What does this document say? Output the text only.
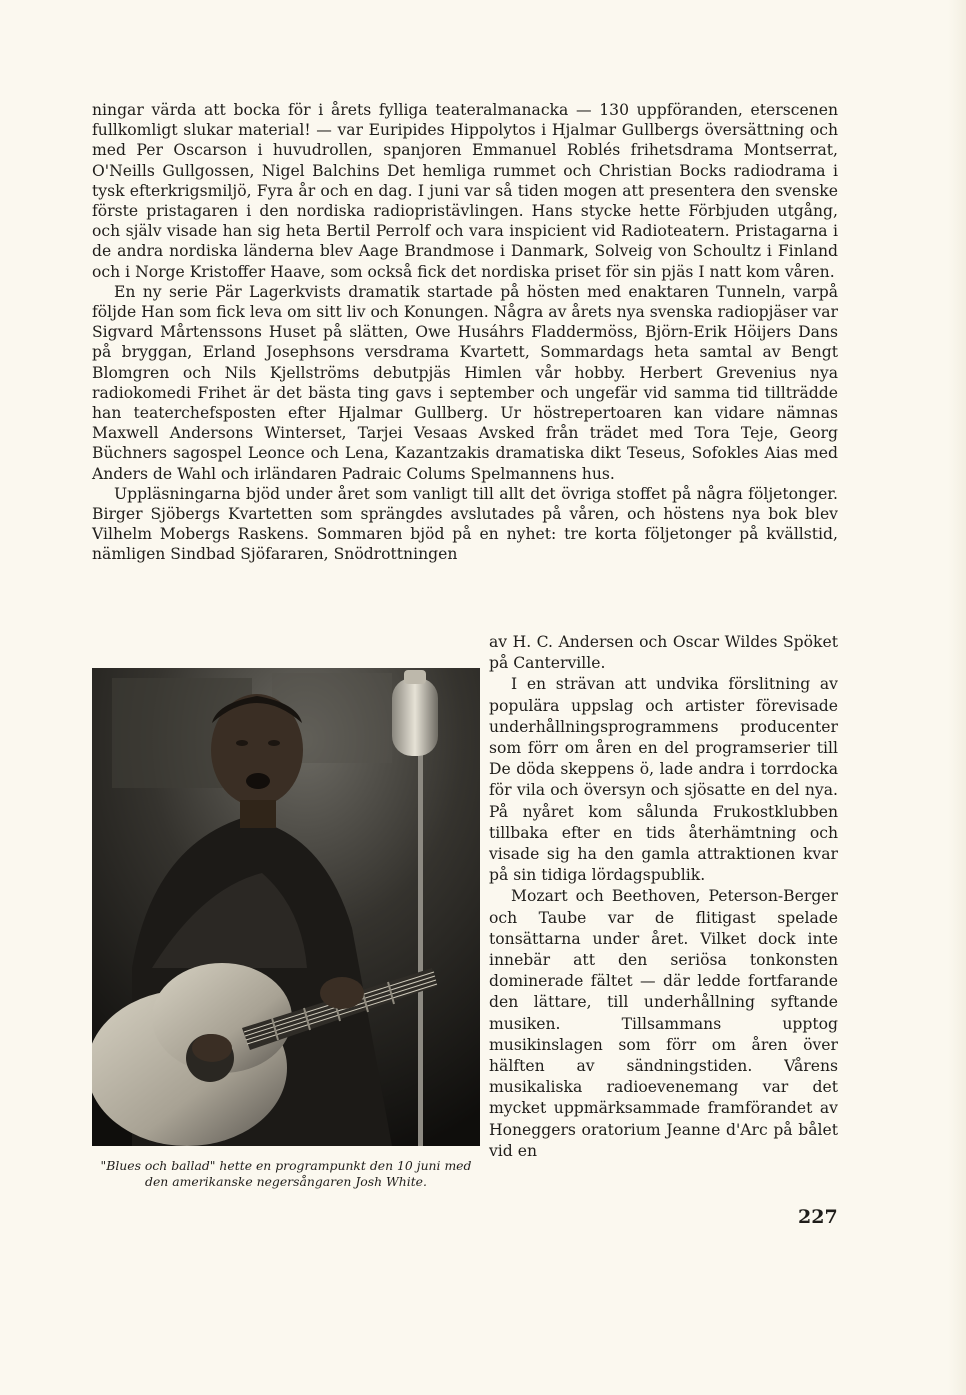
ningar värda att bocka för i årets fylliga teateralmanacka — 130 uppföranden, eterscenen fullkomligt slukar material! — var Euripides Hippolytos i Hjalmar Gullbergs översättning och med Per Oscarson i huvudrollen, spanjoren Emmanuel Roblés frihetsdrama Montserrat, O'Neills Gullgossen, Nigel Balchins Det hemliga rummet och Christian Bocks radiodrama i tysk efterkrigsmiljö, Fyra år och en dag. I juni var så tiden mogen att presentera den svenske förste pristagaren i den nordiska radiopristävlingen. Hans stycke hette Förbjuden utgång, och själv visade han sig heta Bertil Perrolf och vara inspicient vid Radioteatern. Pristagarna i de andra nordiska länderna blev Aage Brandmose i Danmark, Solveig von Schoultz i Finland och i Norge Kristoffer Haave, som också fick det nordiska priset för sin pjäs I natt kom våren.

En ny serie Pär Lagerkvists dramatik startade på hösten med enaktaren Tunneln, varpå följde Han som fick leva om sitt liv och Konungen. Några av årets nya svenska radiopjäser var Sigvard Mårtenssons Huset på slätten, Owe Husáhrs Fladdermöss, Björn-Erik Höijers Dans på bryggan, Erland Josephsons versdrama Kvartett, Sommardags heta samtal av Bengt Blomgren och Nils Kjellströms debutpjäs Himlen vår hobby. Herbert Grevenius nya radiokomedi Frihet är det bästa ting gavs i september och ungefär vid samma tid tillträdde han teaterchefsposten efter Hjalmar Gullberg. Ur höstrepertoaren kan vidare nämnas Maxwell Andersons Winterset, Tarjei Vesaas Avsked från trädet med Tora Teje, Georg Büchners sagospel Leonce och Lena, Kazantzakis dramatiska dikt Teseus, Sofokles Aias med Anders de Wahl och irländaren Padraic Colums Spelmannens hus.

Uppläsningarna bjöd under året som vanligt till allt det övriga stoffet på några följetonger. Birger Sjöbergs Kvartetten som sprängdes avslutades på våren, och höstens nya bok blev Vilhelm Mobergs Raskens. Sommaren bjöd på en nyhet: tre korta följetonger på kvällstid, nämligen Sindbad Sjöfararen, Snödrottningen

av H. C. Andersen och Oscar Wildes Spöket på Canterville.

I en strävan att undvika förslitning av populära uppslag och artister förevisade underhållningsprogrammens producenter som förr om åren en del programserier till De döda skeppens ö, lade andra i torrdocka för vila och översyn och sjösatte en del nya. På nyåret kom sålunda Frukostklubben tillbaka efter en tids återhämtning och visade sig ha den gamla attraktionen kvar på sin tidiga lördagspublik.

Mozart och Beethoven, Peterson-Berger och Taube var de flitigast spelade tonsättarna under året. Vilket dock inte innebär att den seriösa tonkonsten dominerade fältet — där ledde fortfarande den lättare, till underhållning syftande musiken. Tillsammans upptog musikinslagen som förr om åren över hälften av sändningstiden. Vårens musikaliska radioevenemang var det mycket uppmärksammade framförandet av Honeggers oratorium Jeanne d'Arc på bålet vid en

"Blues och ballad" hette en programpunkt den 10 juni med den amerikanske negersångaren Josh White.
227
